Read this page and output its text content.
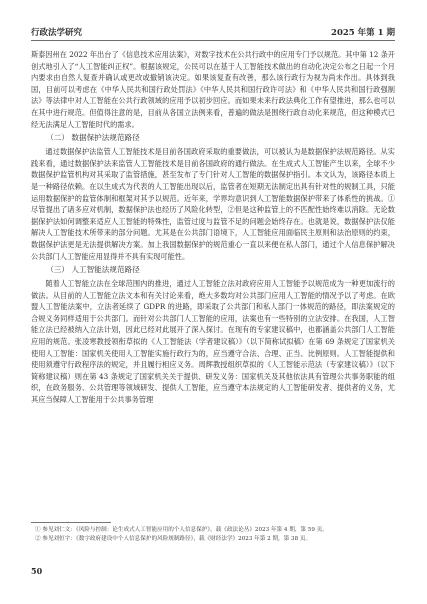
行政法学研究	2025 年第 1 期

斯泰因州在 2022 年出台了《信息技术应用法案》，对数字技术在公共行政中的应用专门予以规范。其中第 12 条开创式地引入了“人工智能纠正权”。根据该规定，公民可以在基于人工智能技术做出的自动化决定公布之日起一个月内要求由自然人复查并确认或更改或撤销该决定。如果该复查有改善，那么该行政行为视为尚未作出。具体到我国，目前可以考虑在《中华人民共和国行政处罚法》《中华人民共和国行政许可法》和《中华人民共和国行政强制法》等法律中对人工智能在公共行政领域的应用予以初步回应。而如果未来行政法典化工作有望推进，那么也可以在其中进行规范。但值得注意的是，目前从各国立法例来看，普遍的做法是围绕行政自动化来规范，但这种模式已经无法满足人工智能时代的需求。

（二） 数据保护法规范路径

通过数据保护法监管人工智能技术是目前各国政府采取的重要做法，可以被认为是数据保护法规范路径。从实践来看，通过数据保护法来监管人工智能技术是目前各国政府的通行做法。在生成式人工智能产生以来，全球不少数据保护监管机构对其采取了监管措施，甚至发布了专门针对人工智能的数据保护指引。本文认为，该路径本质上是一种路径依赖。在以生成式为代表的人工智能出现以后，监管者在短期无法制定出具有针对性的规制工具，只能运用数据保护的监管体制和框架对其予以规范。近年来，学界均意识到人工智能数据保护带来了体系性的挑战。①尽管提出了诸多应对机制，数据保护法也经历了风险化转型，②但是这种监管上的不匹配性始终难以消除。无论数据保护法如何调整来适应人工智能的特殊性，监管过度与监管不足的问题会始终存在。也就是说，数据保护法仅能解决人工智能技术所带来的部分问题。尤其是在公共部门语境下，人工智能应用面临民主原则和法治原则的约束，数据保护法更是无法提供解决方案。加上我国数据保护的规范重心一直以来便在私人部门，通过个人信息保护解决公共部门人工智能应用显得并不具有实现可能性。

（三） 人工智能法规范路径

随着人工智能立法在全球范围内的推进，通过人工智能立法对政府应用人工智能予以规范成为一种更加流行的做法。从目前的人工智能立法文本和有关讨论来看，绝大多数均对公共部门应用人工智能的情况予以了考虑。在欧盟人工智能法案中，立法者延续了 GDPR 的进路，即采取了公共部门和私人部门一体规范的路径，即法案规定的合规义务同样适用于公共部门。而针对公共部门人工智能的应用，法案也有一些特别的立法安排。在我国，人工智能立法已经被纳入立法计划，因此已经对此展开了深入探讨。在现有的专家建议稿中，也都涵盖公共部门人工智能应用的规范。张凌寒教授领衔草拟的《人工智能法（学者建议稿）》（以下简称试拟稿）在第 69 条规定了国家机关使用人工智能：国家机关使用人工智能实施行政行为的，应当遵守合法、合理、正当、比例原则。人工智能提供和使用须遵守行政程序法的规定，并且履行相应义务。周辉教授组织草拟的《人工智能示范法（专家建议稿）》（以下简称建议稿）则在第 43 条规定了国家机关关于提供、研发义务：国家机关及其他依法具有管理公共事务职能的组织，在政务服务、公共管理等领域研发、提供人工智能，应当遵守本法规定的人工智能研发者、提供者的义务，尤其应当保障人工智能用于公共事务管理

① 参见刘仁文：《风险与控制：论生成式人工智能应用的个人信息保护》，载《政法论丛》2023 年第 4 期，第 59 页。
② 参见刘恒宇：《数字政府建设中个人信息保护的风险规制路径》，载《财经法学》2023 年第 2 期，第 38 页。
50
